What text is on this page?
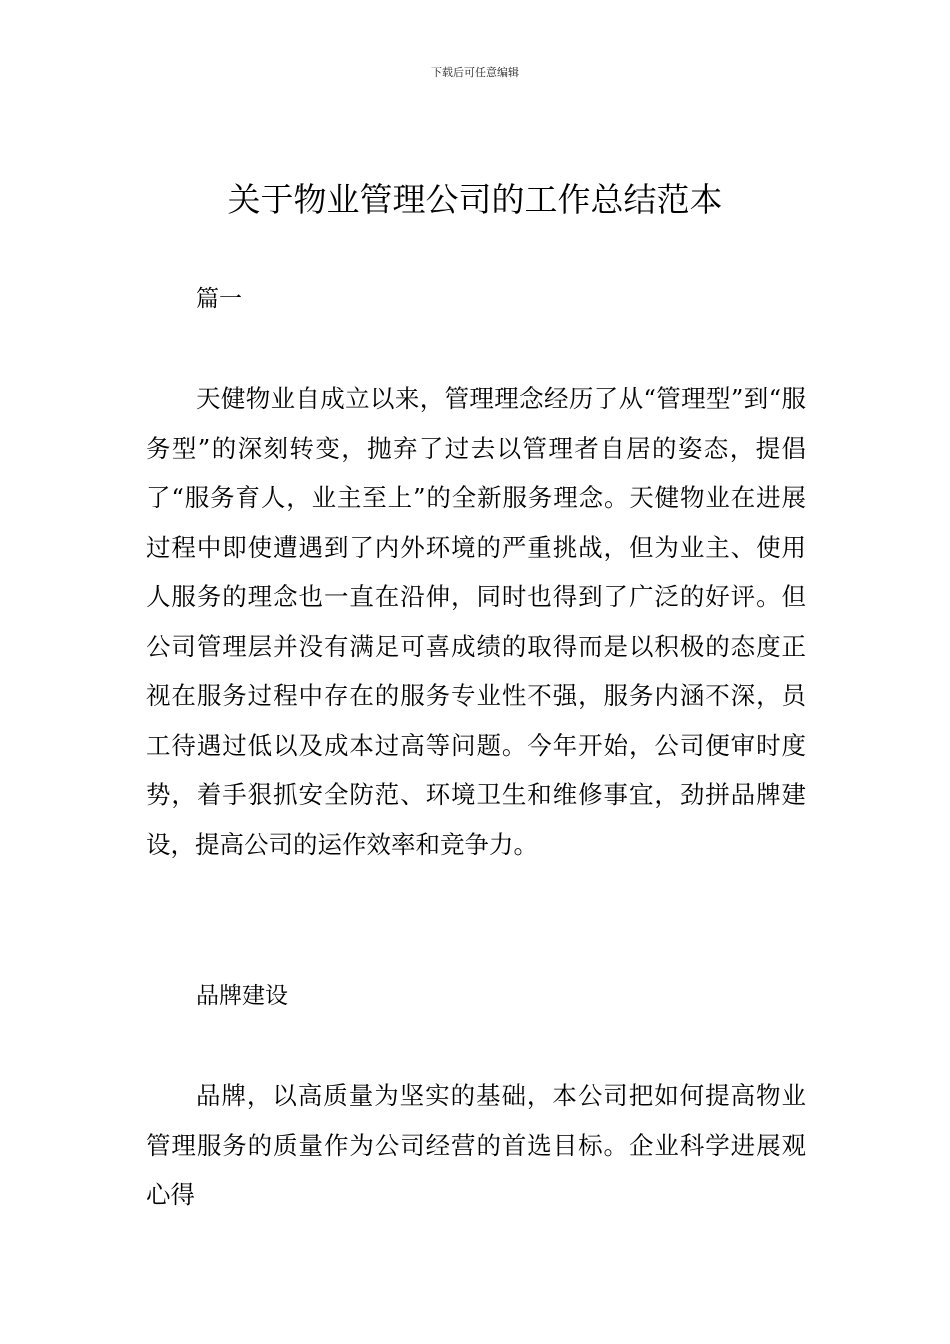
下载后可任意编辑
关于物业管理公司的工作总结范本

篇一

天健物业自成立以来，管理理念经历了从“管理型”到“服务型”的深刻转变，抛弃了过去以管理者自居的姿态，提倡了“服务育人，业主至上”的全新服务理念。天健物业在进展过程中即使遭遇到了内外环境的严重挑战，但为业主、使用人服务的理念也一直在沿伸，同时也得到了广泛的好评。但公司管理层并没有满足可喜成绩的取得而是以积极的态度正视在服务过程中存在的服务专业性不强，服务内涵不深，员工待遇过低以及成本过高等问题。今年开始，公司便审时度势，着手狠抓安全防范、环境卫生和维修事宜，劲拼品牌建设，提高公司的运作效率和竞争力。

品牌建设

品牌，以高质量为坚实的基础，本公司把如何提高物业管理服务的质量作为公司经营的首选目标。企业科学进展观心得
